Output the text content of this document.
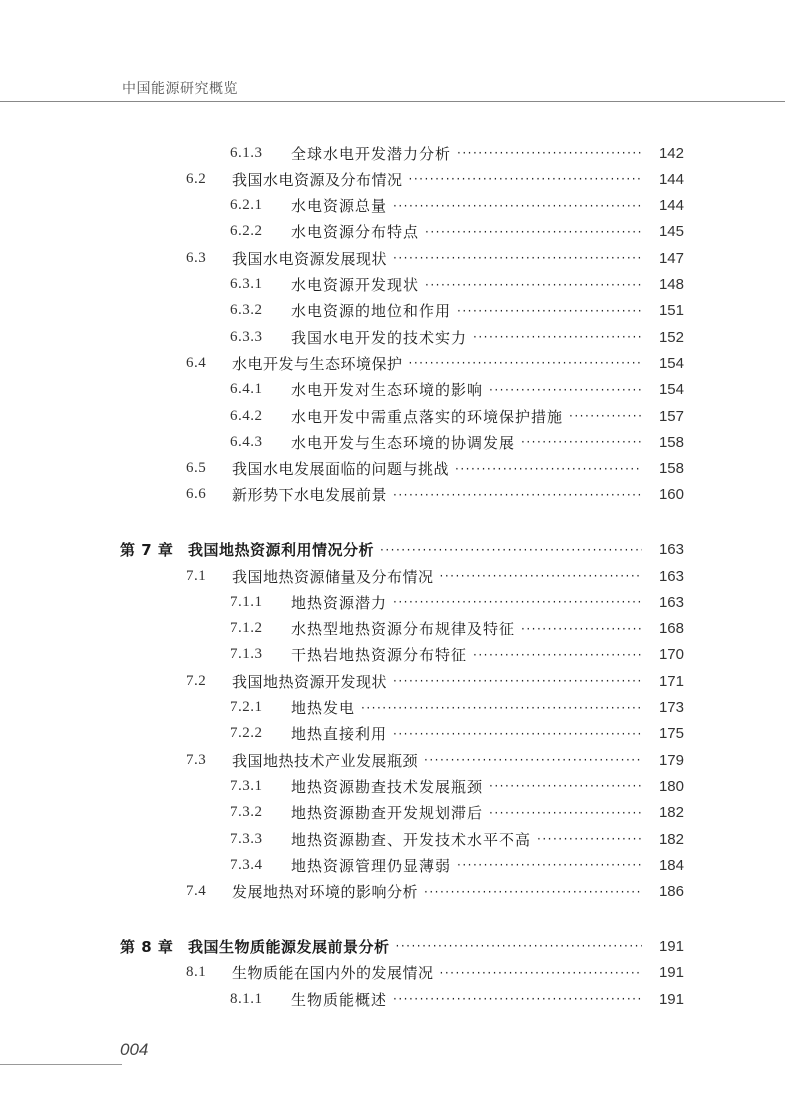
中国能源研究概览
6.1.3	全球水电开发潜力分析 ·····	142
6.2	我国水电资源及分布情况 ·····	144
6.2.1	水电资源总量 ·····	144
6.2.2	水电资源分布特点 ·····	145
6.3	我国水电资源发展现状 ·····	147
6.3.1	水电资源开发现状 ·····	148
6.3.2	水电资源的地位和作用 ·····	151
6.3.3	我国水电开发的技术实力 ·····	152
6.4	水电开发与生态环境保护 ·····	154
6.4.1	水电开发对生态环境的影响 ·····	154
6.4.2	水电开发中需重点落实的环境保护措施 ·····	157
6.4.3	水电开发与生态环境的协调发展 ·····	158
6.5	我国水电发展面临的问题与挑战 ·····	158
6.6	新形势下水电发展前景 ·····	160
第 7 章 我国地热资源利用情况分析 ·····	163
7.1	我国地热资源储量及分布情况 ·····	163
7.1.1	地热资源潜力 ·····	163
7.1.2	水热型地热资源分布规律及特征 ·····	168
7.1.3	干热岩地热资源分布特征 ·····	170
7.2	我国地热资源开发现状 ·····	171
7.2.1	地热发电 ·····	173
7.2.2	地热直接利用 ·····	175
7.3	我国地热技术产业发展瓶颈 ·····	179
7.3.1	地热资源勘查技术发展瓶颈 ·····	180
7.3.2	地热资源勘查开发规划滞后 ·····	182
7.3.3	地热资源勘查、开发技术水平不高 ·····	182
7.3.4	地热资源管理仍显薄弱 ·····	184
7.4	发展地热对环境的影响分析 ·····	186
第 8 章 我国生物质能源发展前景分析 ·····	191
8.1	生物质能在国内外的发展情况 ·····	191
8.1.1	生物质能概述 ·····	191
004
